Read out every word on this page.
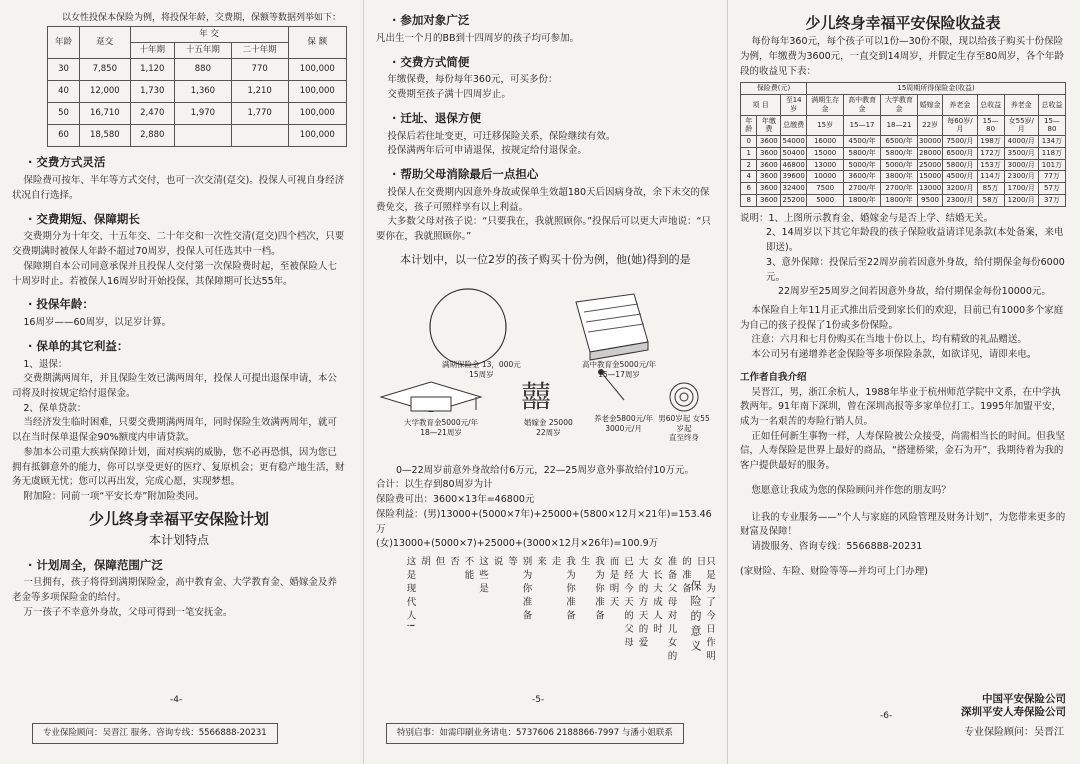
以女性投保本保险为例，将投保年龄，交费期，保额等数据列举如下：

年龄	趸交	年 交			保 额
		十年期	十五年期	二十年期	
30	7,850	1,120	880	770	100,000
40	12,000	1,730	1,360	1,210	100,000
50	16,710	2,470	1,970	1,770	100,000
60	18,580	2,880			100,000
· 交费方式灵活

保险费可按年、半年等方式交付，也可一次交清(趸交)。投保人可视自身经济状况自行选择。

· 交费期短、保障期长

交费期分为十年交、十五年交、二十年交和一次性交清(趸交)四个档次，只要交费期满时被保人年龄不超过70周岁，投保人可任选其中一档。

保障期自本公司同意承保并且投保人交付第一次保险费时起，至被保险人七十周岁时止。若被保人16周岁时开始投保，其保障期可长达55年。

· 投保年龄：

16周岁——60周岁，以足岁计算。

· 保单的其它利益：

1、退保：

交费期满两周年，并且保险生效已满两周年，投保人可提出退保申请，本公司将及时按规定给付退保金。

2、保单贷款：

当经济发生临时困难，只要交费期满两周年，同时保险生效满两周年，就可以在当时保单退保金90%额度内申请贷款。

参加本公司重大疾病保障计划，面对疾病的威胁，您不必再恐惧，因为您已拥有抵御意外的能力，你可以享受更好的医疗、复原机会；更有稳产地生活，财务无虞顾无忧；您可以再出发，完成心愿，实现梦想。

附加险：同前一项“平安长寿”附加险类同。

少儿终身幸福平安保险计划
本计划特点
· 计划周全，保障范围广泛

一旦拥有，孩子将得到满期保险金，高中教育金、大学教育金、婚嫁金及养老金等多项保险金的给付。

万一孩子不幸意外身故，父母可得到一笔安抚金。

-4-
专业保险顾问：吴晋江 服务、咨询专线：5566888-20231
· 参加对象广泛

凡出生一个月的BB到十四周岁的孩子均可参加。

· 交费方式简便

年缴保费，每份每年360元，可买多份：

交费期至孩子满十四周岁止。

· 迁址、退保方便

投保后若住址变更，可迁移保险关系，保险继续有效。

投保满两年后可申请退保，按规定给付退保金。

· 帮助父母消除最后一点担心

投保人在交费期内因意外身故或保单生效超180天后因病身故，余下未交的保费免交，孩子可照样享有以上利益。

大多数父母对孩子说：“只要我在，我就照顾你。”投保后可以更大声地说：“只要你在，我就照顾你。”

本计划中，以一位2岁的孩子购买十份为例，他(她)得到的是

囍
满期保险金 13，000元
15周岁
高中教育金5000元/年
15—17周岁
大学教育金5000元/年
18—21周岁
婚嫁金 25000
22周岁
养老金5800元/年
3000元/月
男60岁起 女55岁起
直至终身

0—22周岁前意外身故给付6万元，22—25周岁意外事故给付10万元。

合计：以生存到80周岁为计

保险费可出：3600×13年=46800元

保险利益：(男)13000+(5000×7年)+25000+(5800×12月×21年)=153.46万

(女)13000+(5000×7)+25000+(3000×12月×26年)=100.9万

只是为了今日作明日
的准备
准备父母对儿女的
女长大成人时
大大的方天的爱
已经今天的父母
而是明天
我为你准备
生
我为你准备
走
来
别为你准备
等
说
这些是
不能
否
但
胡
这是现代人!	保险的意义
-5-
特别启事：如需印刷业务请电：5737606 2188866-7997 与潘小姐联系
少儿终身幸福平安保险收益表

每份每年360元，每个孩子可以1份—30份不限，现以给孩子购买十份保险为例，年缴费为3600元，一直交到14周岁，并假定生存至80周岁，各个年龄段的收益见下表：

保险费(元)			15周期所得保险金(收益)							
项 目		至14岁	满期生存金	高中教育金	大学教育金	婚嫁金	养老金	总收益	养老金	总收益
年龄	年缴费	总缴费	15岁	15—17	18—21	22岁	每60岁/月	15—80	女55岁/月	15—80
0	3600	54000	16000	4500/年	6500/年	30000	7500/月	198万	4000/月	134万
1	3600	50400	15000	5800/年	5800/年	28000	6500/月	172万	3500/月	118万
2	3600	46800	13000	5000/年	5000/年	25000	5800/月	153万	3000/月	101万
4	3600	39600	10000	3600/年	3800/年	15000	4500/月	114万	2300/月	77万
6	3600	32400	7500	2700/年	2700/年	13000	3200/月	85万	1700/月	57万
8	3600	25200	5000	1800/年	1800/年	9500	2300/月	58万	1200/月	37万

说明：1、上图所示教育金、婚嫁金与是否上学、结婚无关。

2、14周岁以下其它年龄段的孩子保险收益请详见条款(本处备案，来电即送)。

3、意外保障：投保后至22周岁前若因意外身故，给付期保金每份6000元。

22周岁至25周岁之间若因意外身故，给付期保金每份10000元。

本保险自上年11月正式推出后受到家长们的欢迎，目前已有1000多个家庭为自己的孩子投保了1份或多份保险。

注意：六月和七月份购买在当地十份以上，均有精致的礼品赠送。

本公司另有递增养老金保险等多项保险条款，如欲详见，请即来电。

工作者自我介绍

吴晋江，男，浙江余杭人，1988年毕业于杭州师范学院中文系，在中学执教两年。91年南下深圳，曾在深圳高报等多家单位打工。1995年加盟平安，成为一名艰苦的寿险行销人员。

正如任何新生事物一样，人寿保险被公众接受，尚需相当长的时间。但我坚信，人寿保险是世界上最好的商品，“搭建桥梁，金石为开”，我期待着为我的客户提供最好的服务。

您愿意让我成为您的保险顾问并作您的朋友吗？

让我的专业服务——“个人与家庭的风险管理及财务计划”，为您带来更多的财富及保障！

请拨服务、咨询专线：5566888-20231

(家财险、车险、财险等等—并均可上门办理)

中国平安保险公司
深圳平安人寿保险公司
-6-
专业保险顾问：吴晋江
